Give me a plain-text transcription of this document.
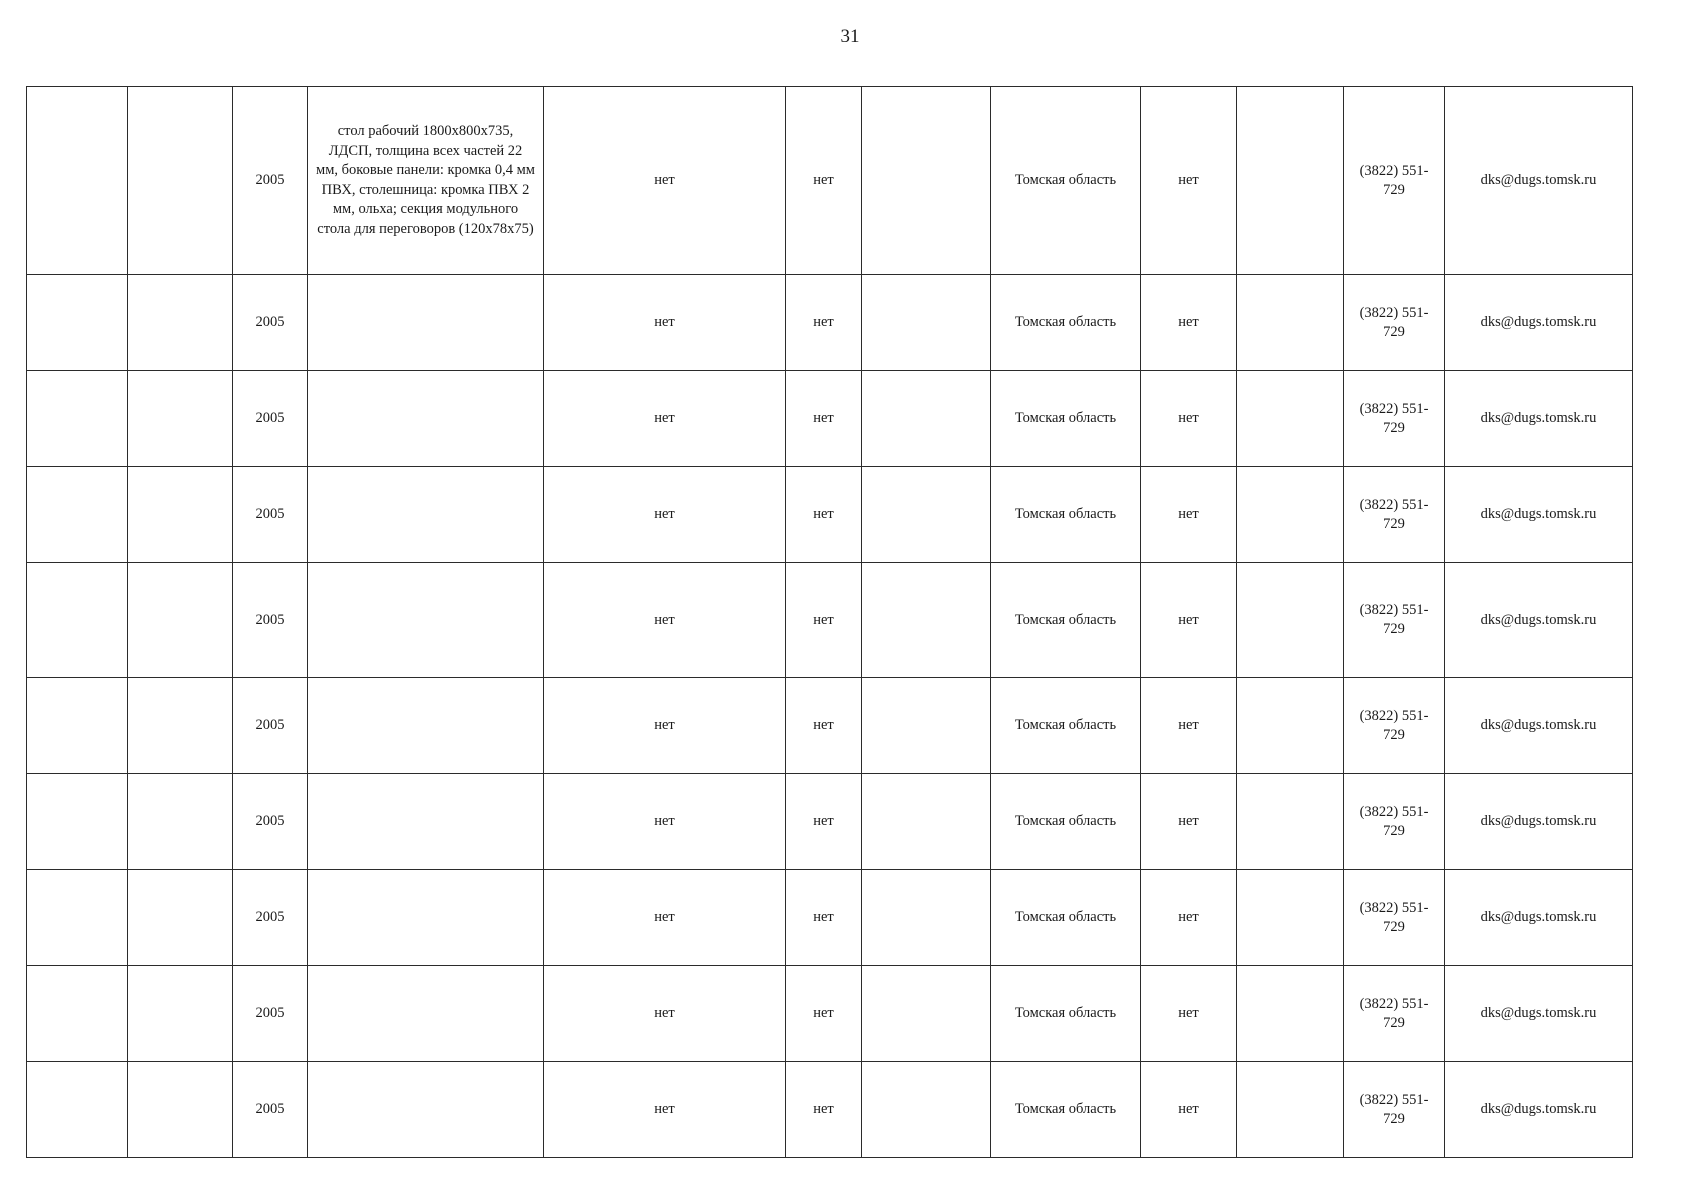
31
		2005	стол рабочий 1800х800х735, ЛДСП, толщина всех частей 22 мм, боковые панели: кромка 0,4 мм ПВХ, столешница: кромка ПВХ 2 мм, ольха; секция модульного стола для переговоров (120х78х75)	нет	нет		Томская область	нет		(3822) 551-729	dks@dugs.tomsk.ru
		2005		нет	нет		Томская область	нет		(3822) 551-729	dks@dugs.tomsk.ru
		2005		нет	нет		Томская область	нет		(3822) 551-729	dks@dugs.tomsk.ru
		2005		нет	нет		Томская область	нет		(3822) 551-729	dks@dugs.tomsk.ru
		2005		нет	нет		Томская область	нет		(3822) 551-729	dks@dugs.tomsk.ru
		2005		нет	нет		Томская область	нет		(3822) 551-729	dks@dugs.tomsk.ru
		2005		нет	нет		Томская область	нет		(3822) 551-729	dks@dugs.tomsk.ru
		2005		нет	нет		Томская область	нет		(3822) 551-729	dks@dugs.tomsk.ru
		2005		нет	нет		Томская область	нет		(3822) 551-729	dks@dugs.tomsk.ru
		2005		нет	нет		Томская область	нет		(3822) 551-729	dks@dugs.tomsk.ru
